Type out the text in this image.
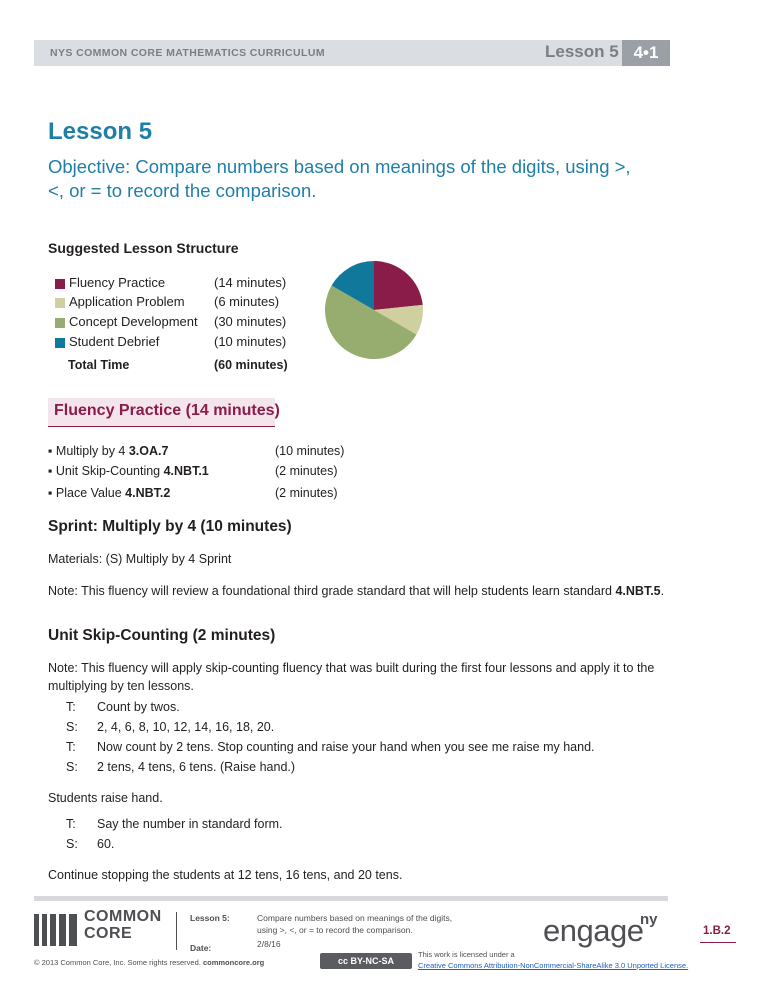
NYS COMMON CORE MATHEMATICS CURRICULUM	Lesson 5 4•1
Lesson 5
Objective: Compare numbers based on meanings of the digits, using >, <, or = to record the comparison.
Suggested Lesson Structure
Fluency Practice	(14 minutes)
Application Problem (6 minutes)
Concept Development (30 minutes)
Student Debrief	(10 minutes)
Total Time	(60 minutes)
Fluency Practice (14 minutes)
▪ Multiply by 4 3.OA.7	(10 minutes)
▪ Unit Skip-Counting 4.NBT.1	(2 minutes)
▪ Place Value 4.NBT.2	(2 minutes)
Sprint: Multiply by 4 (10 minutes)
Materials: (S) Multiply by 4 Sprint
Note: This fluency will review a foundational third grade standard that will help students learn standard 4.NBT.5.
Unit Skip-Counting (2 minutes)
Note: This fluency will apply skip-counting fluency that was built during the first four lessons and apply it to the multiplying by ten lessons.
T: Count by twos.
S: 2, 4, 6, 8, 10, 12, 14, 16, 18, 20.
T: Now count by 2 tens. Stop counting and raise your hand when you see me raise my hand.
S: 2 tens, 4 tens, 6 tens. (Raise hand.)
Students raise hand.
T: Say the number in standard form.
S: 60.
Continue stopping the students at 12 tens, 16 tens, and 20 tens.
COMMON
CORE
Lesson 5:
Date:
Compare numbers based on meanings of the digits,
using >, <, or = to record the comparison.
2/8/16
© 2013 Common Core, Inc. Some rights reserved. commoncore.org	cc BY-NC-SA
This work is licensed under a
Creative Commons Attribution-NonCommercial-ShareAlike 3.0 Unported License.
engage
ny
1.B.2
